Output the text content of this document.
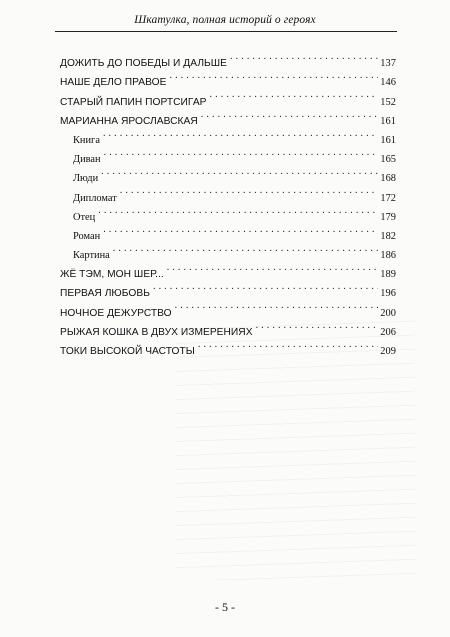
Шкатулка, полная историй о героях
ДОЖИТЬ ДО ПОБЕДЫ И ДАЛЬШЕ . . .	137
НАШЕ ДЕЛО ПРАВОЕ . . .	146
СТАРЫЙ ПАПИН ПОРТСИГАР . . .	152
МАРИАННА ЯРОСЛАВСКАЯ . . .	161
Книга . . .	161
Диван . . .	165
Люди . . .	168
Дипломат . . .	172
Отец . . .	179
Роман . . .	182
Картина . . .	186
ЖЁ ТЭМ, МОН ШЕР... . . .	189
ПЕРВАЯ ЛЮБОВЬ . . .	196
НОЧНОЕ ДЕЖУРСТВО . . .	200
РЫЖАЯ КОШКА В ДВУХ ИЗМЕРЕНИЯХ . . .	206
ТОКИ ВЫСОКОЙ ЧАСТОТЫ . . .	209
- 5 -
